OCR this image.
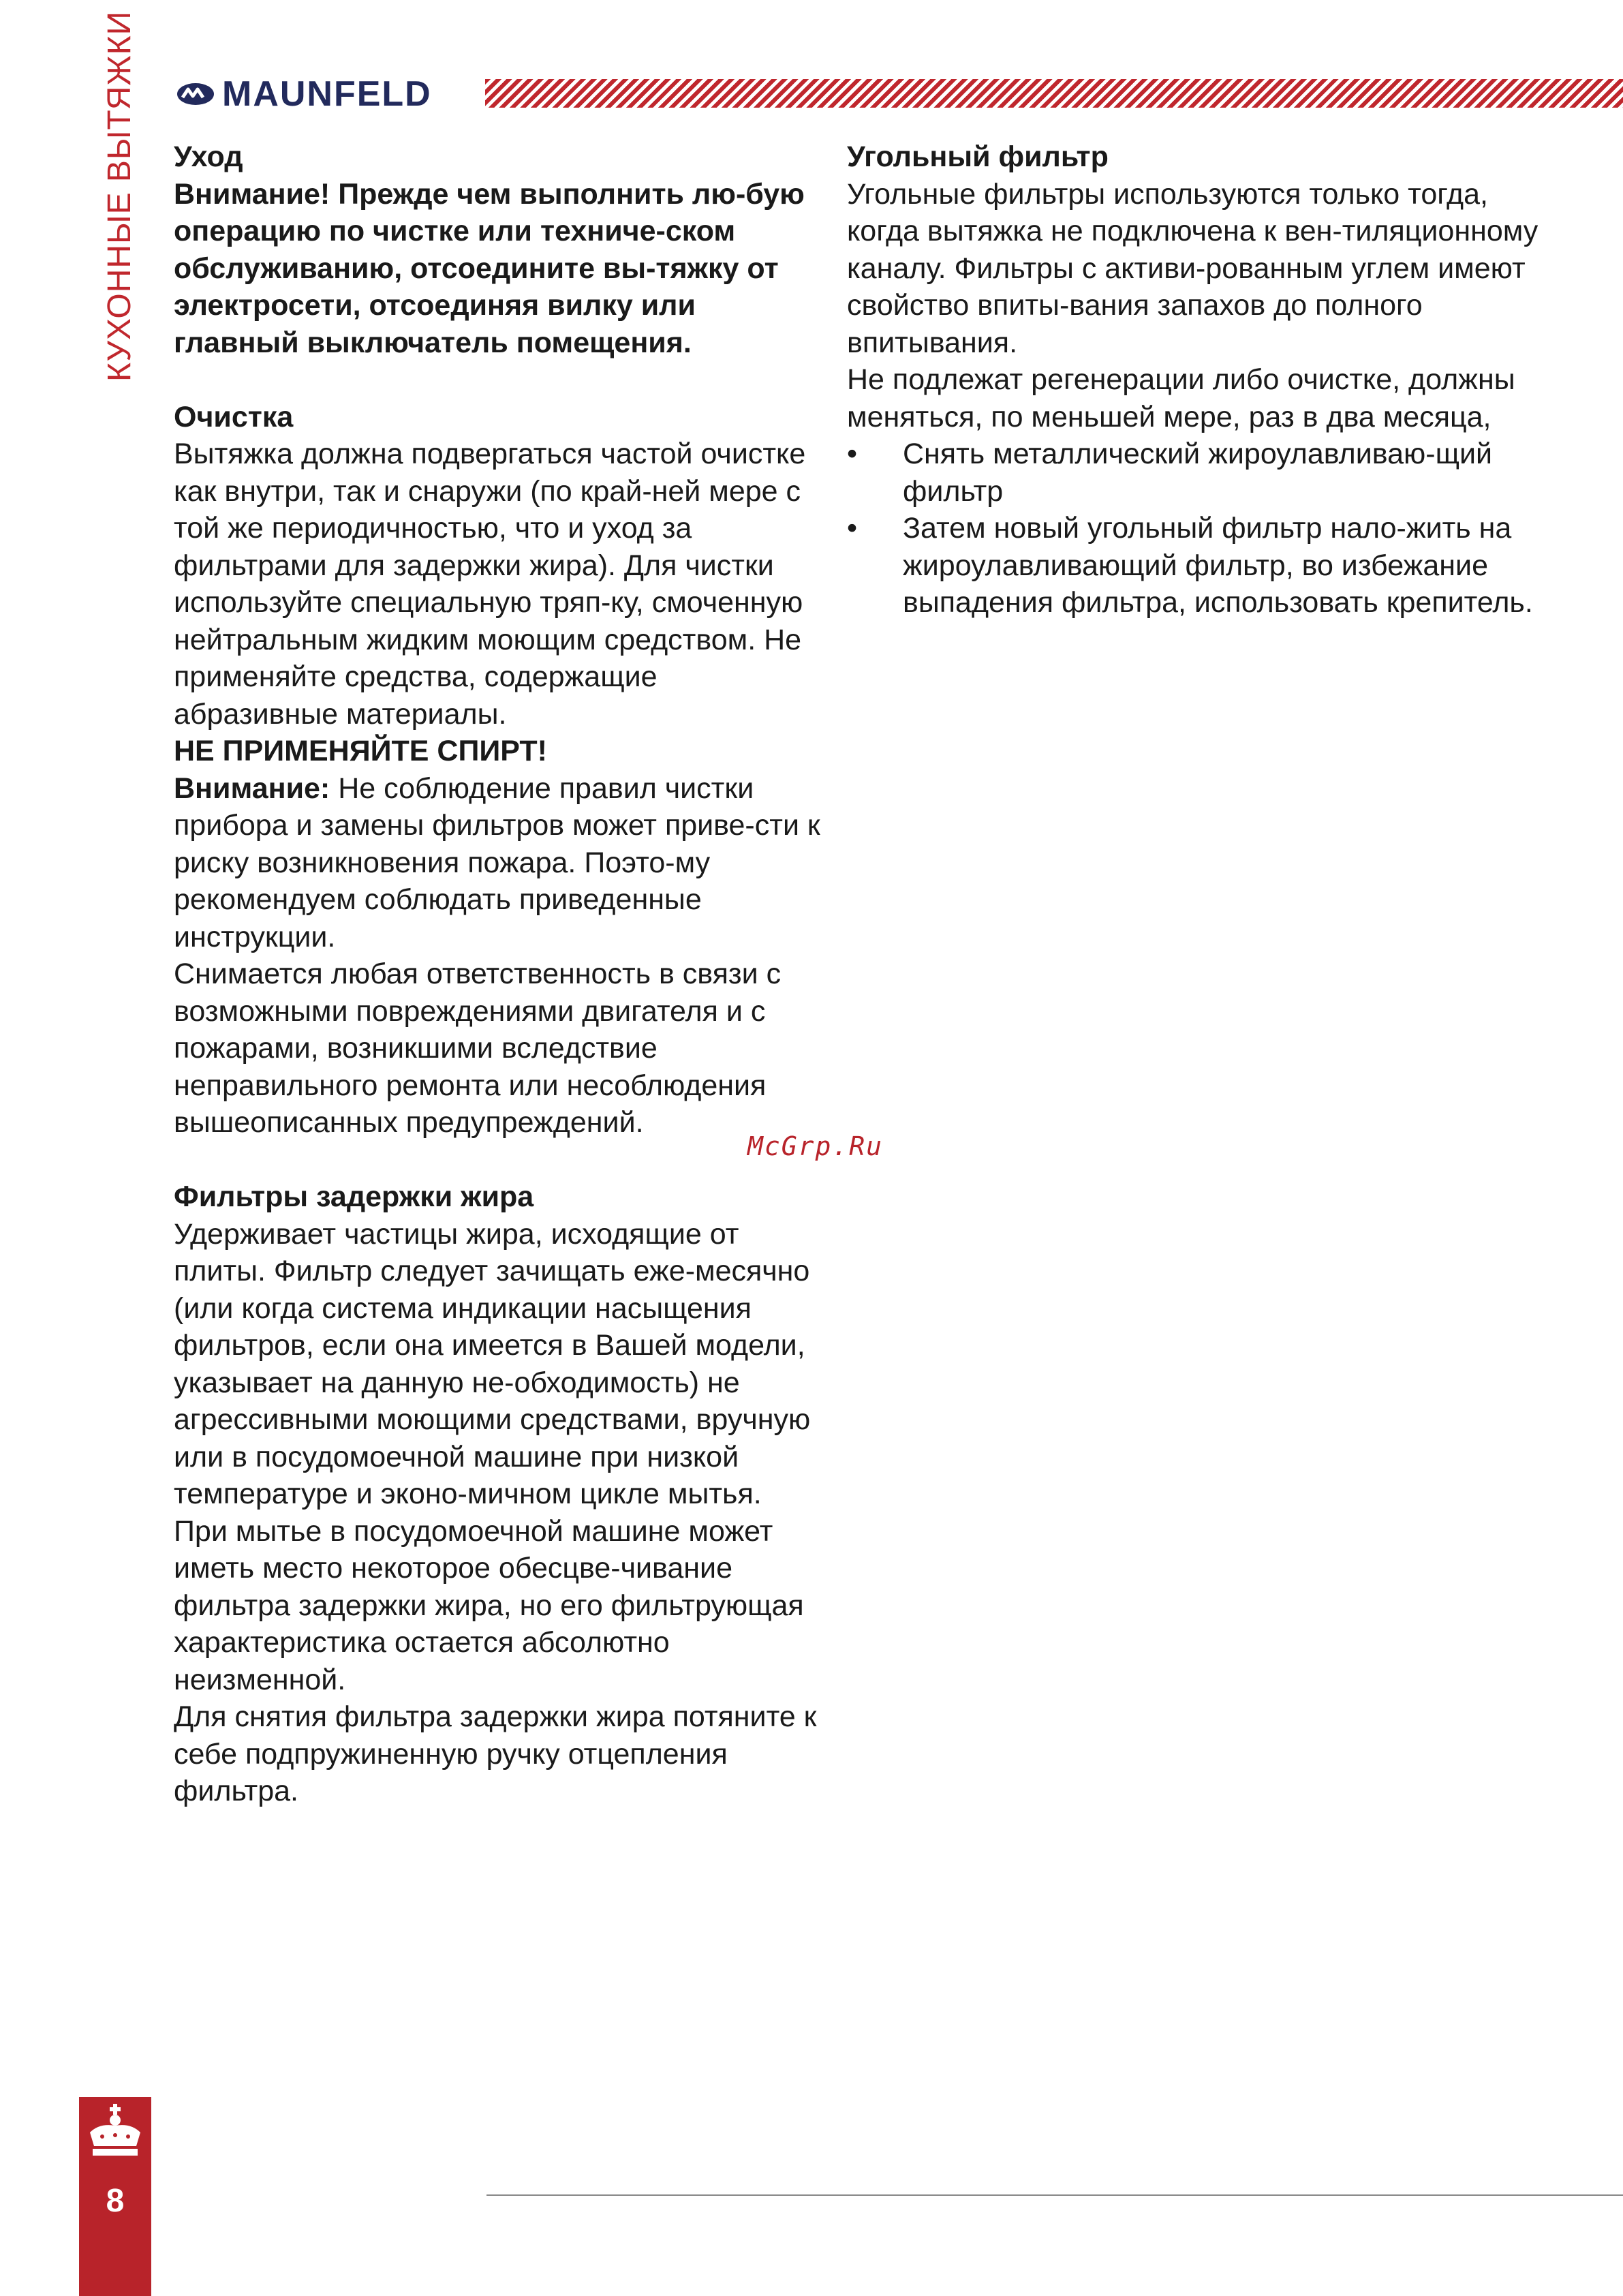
КУХОННЫЕ ВЫТЯЖКИ MAUNFELD

Уход

Внимание! Прежде чем выполнить лю-бую операцию по чистке или техниче-ском обслуживанию, отсоедините вы-тяжку от электросети, отсоединяя вилку или главный выключатель помещения.

Очистка

Вытяжка должна подвергаться частой очистке как внутри, так и снаружи (по край-ней мере с той же периодичностью, что и уход за фильтрами для задержки жира). Для чистки используйте специальную тряп-ку, смоченную нейтральным жидким моющим средством. Не применяйте средства, содержащие абразивные материалы.

НЕ ПРИМЕНЯЙТЕ СПИРТ!

Внимание: Не соблюдение правил чистки прибора и замены фильтров может приве-сти к риску возникновения пожара. Поэто-му рекомендуем соблюдать приведенные инструкции.

Снимается любая ответственность в связи с возможными повреждениями двигателя и с пожарами, возникшими вследствие неправильного ремонта или несоблюдения вышеописанных предупреждений.

Фильтры задержки жира

Удерживает частицы жира, исходящие от плиты. Фильтр следует зачищать еже-месячно (или когда система индикации насыщения фильтров, если она имеется в Вашей модели, указывает на данную не-обходимость) не агрессивными моющими средствами, вручную или в посудомоечной машине при низкой температуре и эконо-мичном цикле мытья.

При мытье в посудомоечной машине может иметь место некоторое обесцве-чивание фильтра задержки жира, но его фильтрующая характеристика остается абсолютно неизменной.

Для снятия фильтра задержки жира потяните к себе подпружиненную ручку отцепления фильтра.

Угольный фильтр

Угольные фильтры используются только тогда, когда вытяжка не подключена к вен-тиляционному каналу. Фильтры с активи-рованным углем имеют свойство впиты-вания запахов до полного впитывания.

Не подлежат регенерации либо очистке, должны меняться, по меньшей мере, раз в два месяца,

•	Снять металлический жироулавливаю-щий фильтр
•	Затем новый угольный фильтр нало-жить на жироулавливающий фильтр, во избежание выпадения фильтра, использовать крепитель.
McGrp.Ru
8
